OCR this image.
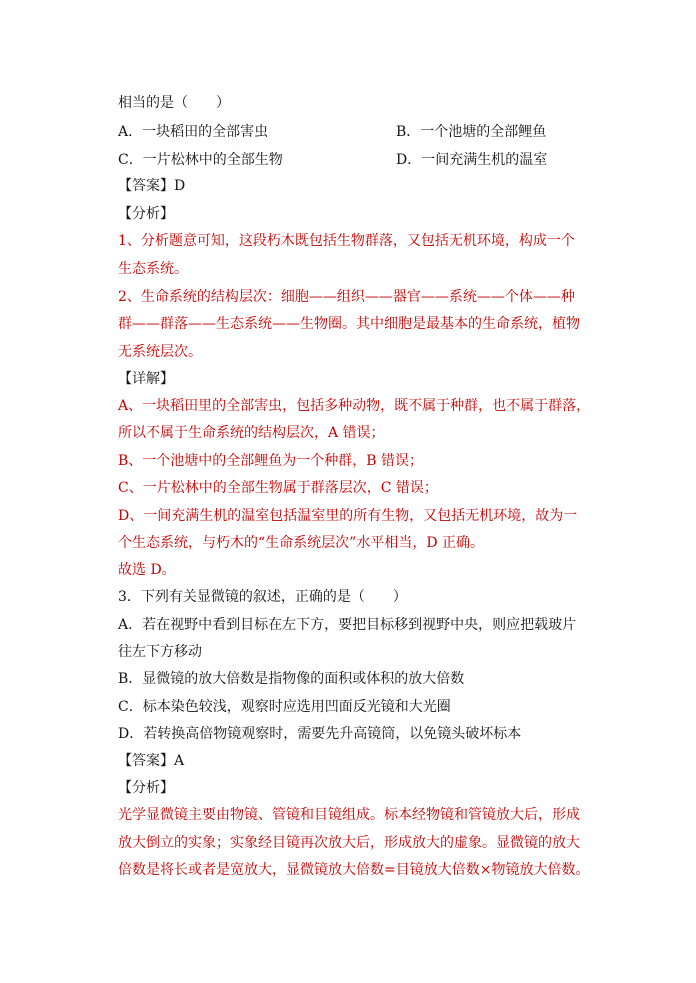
相当的是（　　）
A．一块稻田的全部害虫	B．一个池塘的全部鲤鱼
C．一片松林中的全部生物	D．一间充满生机的温室
【答案】D
【分析】
1、分析题意可知，这段朽木既包括生物群落，又包括无机环境，构成一个
生态系统。
2、生命系统的结构层次：细胞——组织——器官——系统——个体——种
群——群落——生态系统——生物圈。其中细胞是最基本的生命系统，植物
无系统层次。
【详解】
A、一块稻田里的全部害虫，包括多种动物，既不属于种群，也不属于群落，
所以不属于生命系统的结构层次，A 错误；
B、一个池塘中的全部鲤鱼为一个种群，B 错误；
C、一片松林中的全部生物属于群落层次，C 错误；
D、一间充满生机的温室包括温室里的所有生物，又包括无机环境，故为一
个生态系统，与朽木的“生命系统层次”水平相当，D 正确。
故选 D。
3．下列有关显微镜的叙述，正确的是（　　）
A．若在视野中看到目标在左下方，要把目标移到视野中央，则应把载玻片
往左下方移动
B．显微镜的放大倍数是指物像的面积或体积的放大倍数
C．标本染色较浅，观察时应选用凹面反光镜和大光圈
D．若转换高倍物镜观察时，需要先升高镜筒，以免镜头破坏标本
【答案】A
【分析】
光学显微镜主要由物镜、管镜和目镜组成。标本经物镜和管镜放大后，形成
放大倒立的实象；实象经目镜再次放大后，形成放大的虚象。显微镜的放大
倍数是将长或者是宽放大，显微镜放大倍数=目镜放大倍数×物镜放大倍数。
